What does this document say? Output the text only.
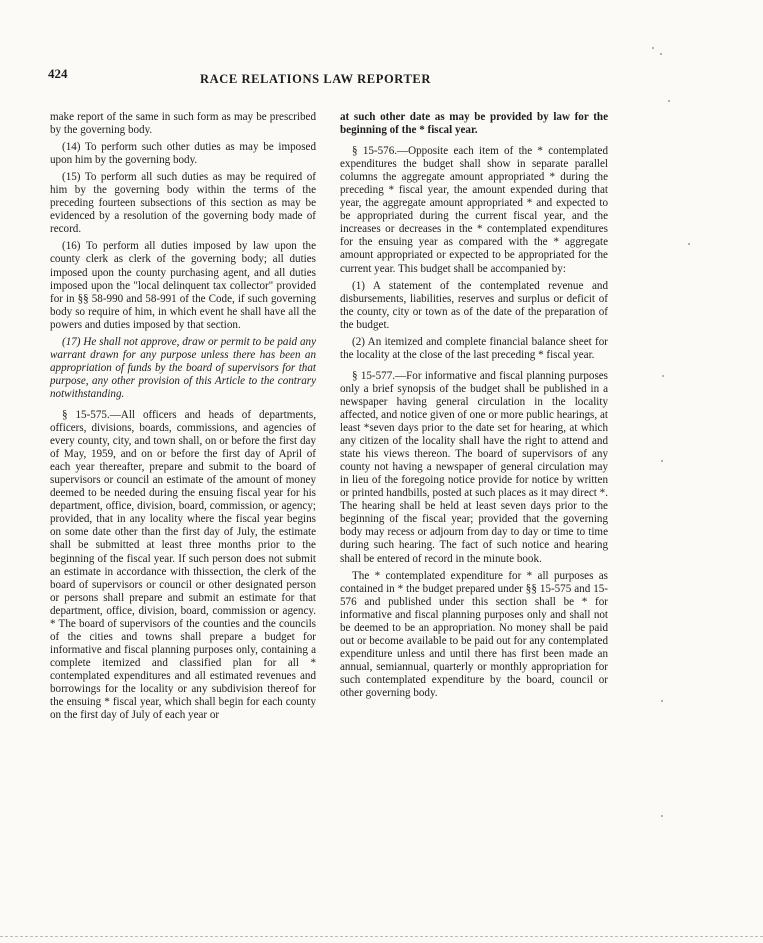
424	RACE RELATIONS LAW REPORTER

make report of the same in such form as may be prescribed by the governing body.

(14) To perform such other duties as may be imposed upon him by the governing body.

(15) To perform all such duties as may be required of him by the governing body within the terms of the preceding fourteen subsections of this section as may be evidenced by a resolution of the governing body made of record.

(16) To perform all duties imposed by law upon the county clerk as clerk of the governing body; all duties imposed upon the county purchasing agent, and all duties imposed upon the "local delinquent tax collector" provided for in §§ 58-990 and 58-991 of the Code, if such governing body so require of him, in which event he shall have all the powers and duties imposed by that section.

(17) He shall not approve, draw or permit to be paid any warrant drawn for any purpose unless there has been an appropriation of funds by the board of supervisors for that purpose, any other provision of this Article to the contrary notwithstanding.

§ 15-575.—All officers and heads of departments, officers, divisions, boards, commissions, and agencies of every county, city, and town shall, on or before the first day of May, 1959, and on or before the first day of April of each year thereafter, prepare and submit to the board of supervisors or council an estimate of the amount of money deemed to be needed during the ensuing fiscal year for his department, office, division, board, commission, or agency; provided, that in any locality where the fiscal year begins on some date other than the first day of July, the estimate shall be submitted at least three months prior to the beginning of the fiscal year. If such person does not submit an estimate in accordance with thissection, the clerk of the board of supervisors or council or other designated person or persons shall prepare and submit an estimate for that department, office, division, board, commission or agency. * The board of supervisors of the counties and the councils of the cities and towns shall prepare a budget for informative and fiscal planning purposes only, containing a complete itemized and classified plan for all * contemplated expenditures and all estimated revenues and borrowings for the locality or any subdivision thereof for the ensuing * fiscal year, which shall begin for each county on the first day of July of each year or

at such other date as may be provided by law for the beginning of the * fiscal year.

§ 15-576.—Opposite each item of the * contemplated expenditures the budget shall show in separate parallel columns the aggregate amount appropriated * during the preceding * fiscal year, the amount expended during that year, the aggregate amount appropriated * and expected to be appropriated during the current fiscal year, and the increases or decreases in the * contemplated expenditures for the ensuing year as compared with the * aggregate amount appropriated or expected to be appropriated for the current year. This budget shall be accompanied by:

(1) A statement of the contemplated revenue and disbursements, liabilities, reserves and surplus or deficit of the county, city or town as of the date of the preparation of the budget.

(2) An itemized and complete financial balance sheet for the locality at the close of the last preceding * fiscal year.

§ 15-577.—For informative and fiscal planning purposes only a brief synopsis of the budget shall be published in a newspaper having general circulation in the locality affected, and notice given of one or more public hearings, at least *seven days prior to the date set for hearing, at which any citizen of the locality shall have the right to attend and state his views thereon. The board of supervisors of any county not having a newspaper of general circulation may in lieu of the foregoing notice provide for notice by written or printed handbills, posted at such places as it may direct *. The hearing shall be held at least seven days prior to the beginning of the fiscal year; provided that the governing body may recess or adjourn from day to day or time to time during such hearing. The fact of such notice and hearing shall be entered of record in the minute book.

The * contemplated expenditure for * all purposes as contained in * the budget prepared under §§ 15-575 and 15-576 and published under this section shall be * for informative and fiscal planning purposes only and shall not be deemed to be an appropriation. No money shall be paid out or become available to be paid out for any contemplated expenditure unless and until there has first been made an annual, semiannual, quarterly or monthly appropriation for such contemplated expenditure by the board, council or other governing body.
